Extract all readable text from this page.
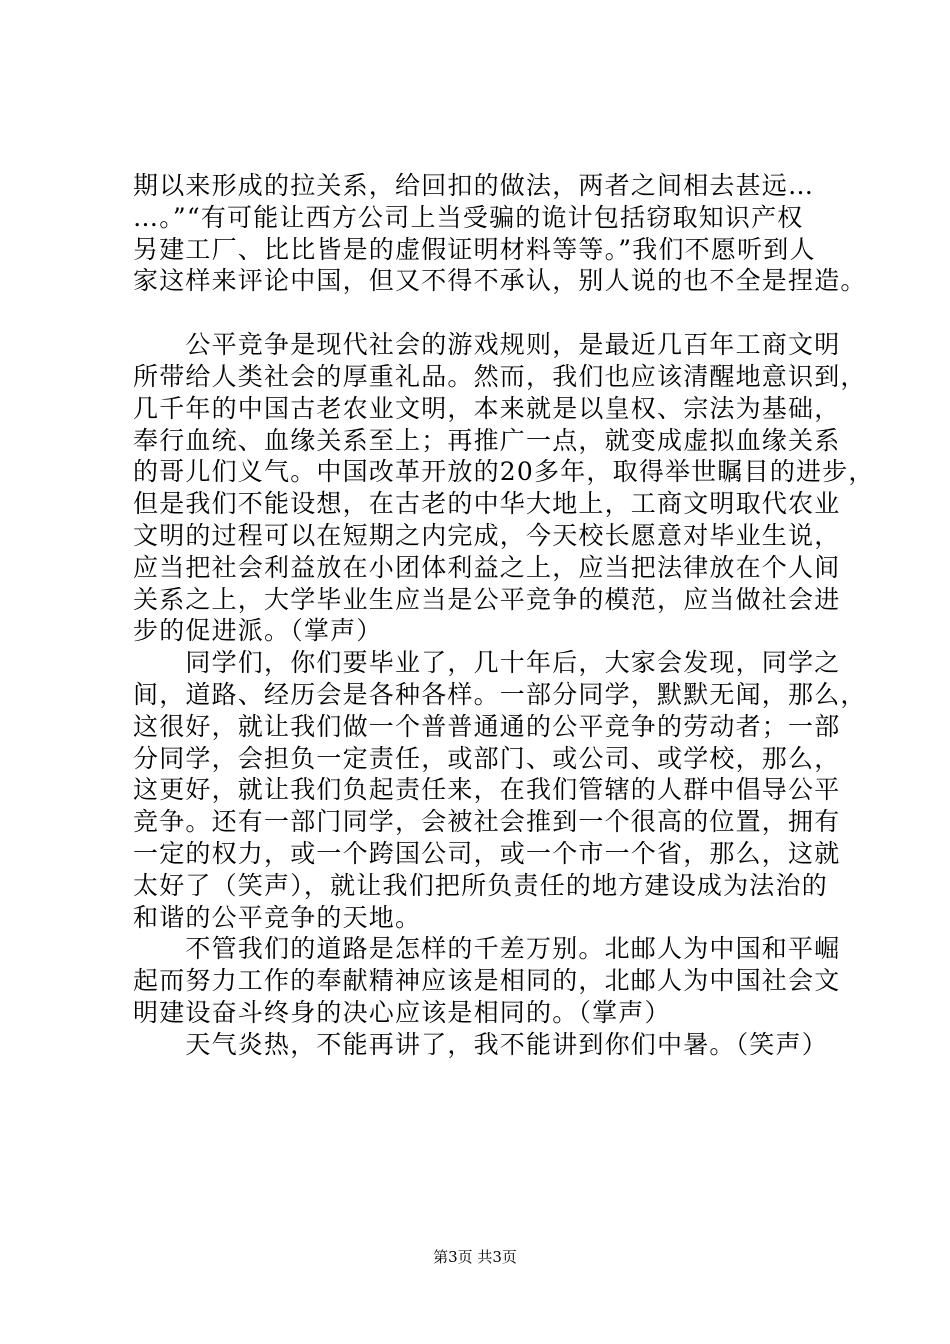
期以来形成的拉关系，给回扣的做法，两者之间相去甚远…
…。”“有可能让西方公司上当受骗的诡计包括窃取知识产权
另建工厂、比比皆是的虚假证明材料等等。”我们不愿听到人
家这样来评论中国，但又不得不承认，别人说的也不全是捏造。
　　公平竞争是现代社会的游戏规则，是最近几百年工商文明
所带给人类社会的厚重礼品。然而，我们也应该清醒地意识到，
几千年的中国古老农业文明，本来就是以皇权、宗法为基础，
奉行血统、血缘关系至上；再推广一点，就变成虚拟血缘关系
的哥儿们义气。中国改革开放的20多年，取得举世瞩目的进步，
但是我们不能设想，在古老的中华大地上，工商文明取代农业
文明的过程可以在短期之内完成，今天校长愿意对毕业生说，
应当把社会利益放在小团体利益之上，应当把法律放在个人间
关系之上，大学毕业生应当是公平竞争的模范，应当做社会进
步的促进派。（掌声）
　　同学们，你们要毕业了，几十年后，大家会发现，同学之
间，道路、经历会是各种各样。一部分同学，默默无闻，那么，
这很好，就让我们做一个普普通通的公平竞争的劳动者；一部
分同学，会担负一定责任，或部门、或公司、或学校，那么，
这更好，就让我们负起责任来，在我们管辖的人群中倡导公平
竞争。还有一部门同学，会被社会推到一个很高的位置，拥有
一定的权力，或一个跨国公司，或一个市一个省，那么，这就
太好了（笑声），就让我们把所负责任的地方建设成为法治的
和谐的公平竞争的天地。
　　不管我们的道路是怎样的千差万别。北邮人为中国和平崛
起而努力工作的奉献精神应该是相同的，北邮人为中国社会文
明建设奋斗终身的决心应该是相同的。（掌声）
　　天气炎热，不能再讲了，我不能讲到你们中暑。（笑声）
第3页 共3页
